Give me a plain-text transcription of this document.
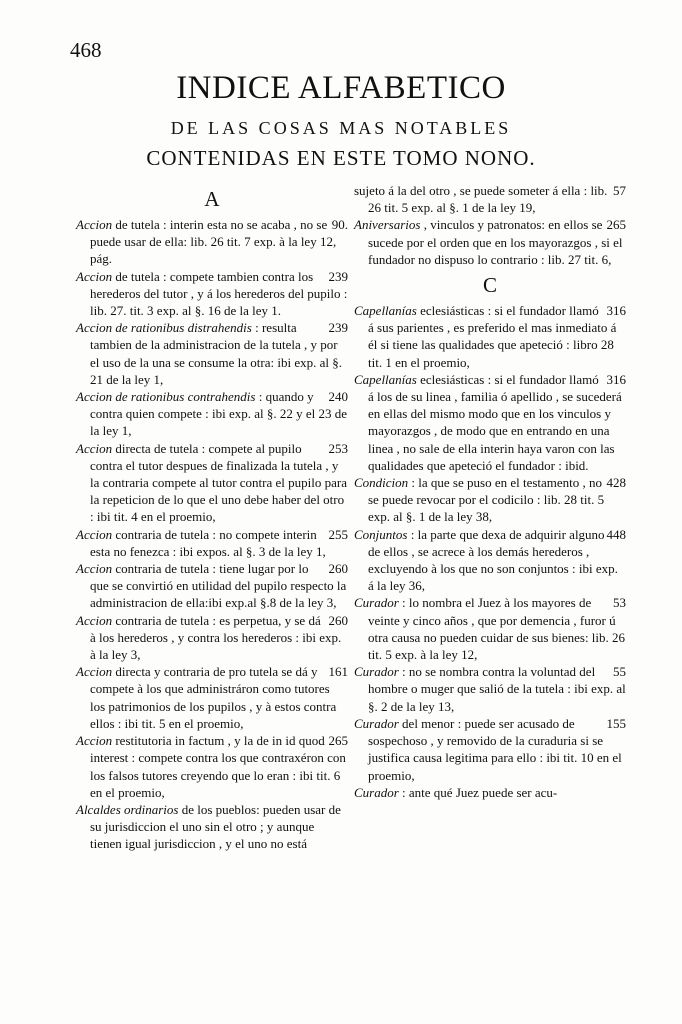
468
INDICE ALFABETICO
DE LAS COSAS MAS NOTABLES
CONTENIDAS EN ESTE TOMO NONO.
A

90.
Accion de tutela : interin esta no se acaba , no se puede usar de ella: lib. 26 tit. 7 exp. à la ley 12, pág.

239
Accion de tutela : compete tambien contra los herederos del tutor , y á los herederos del pupilo : lib. 27. tit. 3 exp. al §. 16 de la ley 1.

239
Accion de rationibus distrahendis : resulta tambien de la administracion de la tutela , y por el uso de la una se consume la otra: ibi exp. al §. 21 de la ley 1,

240
Accion de rationibus contrahendis : quando y contra quien compete : ibi exp. al §. 22 y el 23 de la ley 1,

253
Accion directa de tutela : compete al pupilo contra el tutor despues de finalizada la tutela , y la contraria compete al tutor contra el pupilo para la repeticion de lo que el uno debe haber del otro : ibi tit. 4 en el proemio,

255
Accion contraria de tutela : no compete interin esta no fenezca : ibi expos. al §. 3 de la ley 1,

260
Accion contraria de tutela : tiene lugar por lo que se convirtió en utilidad del pupilo respecto la administracion de ella:ibi exp.al §.8 de la ley 3,

260
Accion contraria de tutela : es perpetua, y se dá à los herederos , y contra los herederos : ibi exp. à la ley 3,

161
Accion directa y contraria de pro tutela se dá y compete à los que administráron como tutores los patrimonios de los pupilos , y à estos contra ellos : ibi tit. 5 en el proemio,

265
Accion restitutoria in factum , y la de in id quod interest : compete contra los que contraxéron con los falsos tutores creyendo que lo eran : ibi tit. 6 en el proemio,

Alcaldes ordinarios de los pueblos: pueden usar de su jurisdiccion el uno sin el otro ; y aunque tienen igual jurisdiccion , y el uno no está

57
sujeto á la del otro , se puede someter á ella : lib. 26 tit. 5 exp. al §. 1 de la ley 19,

265
Aniversarios , vinculos y patronatos: en ellos se sucede por el orden que en los mayorazgos , si el fundador no dispuso lo contrario : lib. 27 tit. 6,

C

316
Capellanías eclesiásticas : si el fundador llamó á sus parientes , es preferido el mas inmediato á él si tiene las qualidades que apeteció : libro 28 tit. 1 en el proemio,

316
Capellanías eclesiásticas : si el fundador llamó á los de su linea , familia ó apellido , se sucederá en ellas del mismo modo que en los vinculos y mayorazgos , de modo que en entrando en una linea , no sale de ella interin haya varon con las qualidades que apeteció el fundador : ibid.

428
Condicion : la que se puso en el testamento , no se puede revocar por el codicilo : lib. 28 tit. 5 exp. al §. 1 de la ley 38,

448
Conjuntos : la parte que dexa de adquirir alguno de ellos , se acrece à los demás herederos , excluyendo à los que no son conjuntos : ibi exp. á la ley 36,

53
Curador : lo nombra el Juez à los mayores de veinte y cinco años , que por demencia , furor ú otra causa no pueden cuidar de sus bienes: lib. 26 tit. 5 exp. à la ley 12,

55
Curador : no se nombra contra la voluntad del hombre o muger que salió de la tutela : ibi exp. al §. 2 de la ley 13,

155
Curador del menor : puede ser acusado de sospechoso , y removido de la curaduria si se justifica causa legitima para ello : ibi tit. 10 en el proemio,

Curador : ante qué Juez puede ser acu-
